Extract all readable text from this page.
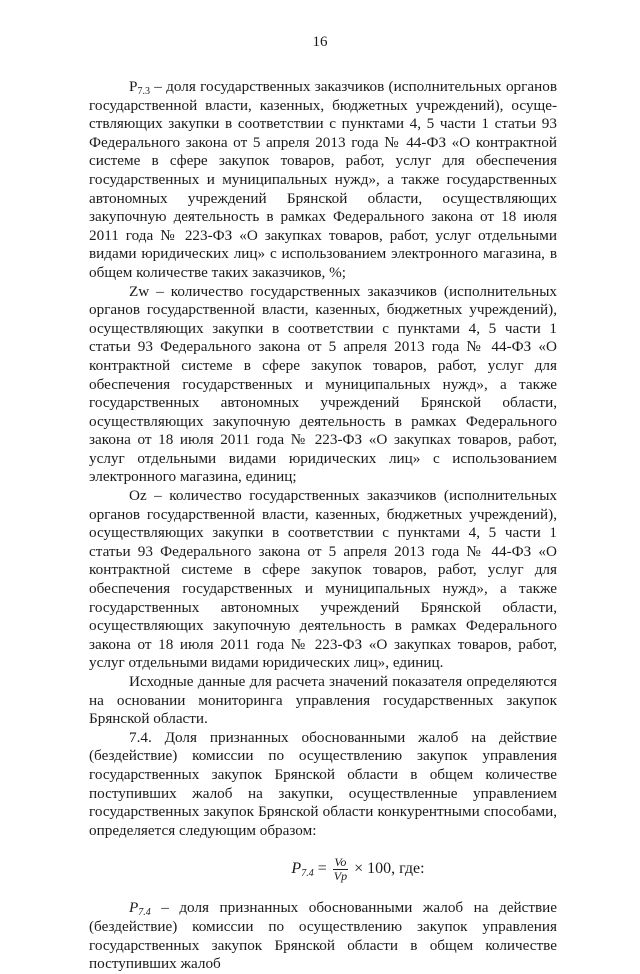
16

$P_{7.3}$ – доля государственных заказчиков (исполнительных органов государственной власти, казенных, бюджетных учреждений), осуществляющих закупки в соответствии с пунктами 4, 5 части 1 статьи 93 Федерального закона от 5 апреля 2013 года № 44-ФЗ «О контрактной системе в сфере закупок товаров, работ, услуг для обеспечения государственных и муниципальных нужд», а также государственных автономных учреждений Брянской области, осуществляющих закупочную деятельность в рамках Федерального закона от 18 июля 2011 года № 223-ФЗ «О закупках товаров, работ, услуг отдельными видами юридических лиц» с использованием электронного магазина, в общем количестве таких заказчиков, %;

Zw – количество государственных заказчиков (исполнительных органов государственной власти, казенных, бюджетных учреждений), осуществляющих закупки в соответствии с пунктами 4, 5 части 1 статьи 93 Федерального закона от 5 апреля 2013 года № 44-ФЗ «О контрактной системе в сфере закупок товаров, работ, услуг для обеспечения государственных и муниципальных нужд», а также государственных автономных учреждений Брянской области, осуществляющих закупочную деятельность в рамках Федерального закона от 18 июля 2011 года № 223-ФЗ «О закупках товаров, работ, услуг отдельными видами юридических лиц» с использованием электронного магазина, единиц;

Oz – количество государственных заказчиков (исполнительных органов государственной власти, казенных, бюджетных учреждений), осуществляющих закупки в соответствии с пунктами 4, 5 части 1 статьи 93 Федерального закона от 5 апреля 2013 года № 44-ФЗ «О контрактной системе в сфере закупок товаров, работ, услуг для обеспечения государственных и муниципальных нужд», а также государственных автономных учреждений Брянской области, осуществляющих закупочную деятельность в рамках Федерального закона от 18 июля 2011 года № 223-ФЗ «О закупках товаров, работ, услуг отдельными видами юридических лиц», единиц.

Исходные данные для расчета значений показателя определяются на основании мониторинга управления государственных закупок Брянской области.

7.4. Доля признанных обоснованными жалоб на действие (бездействие) комиссии по осуществлению закупок управления государственных закупок Брянской области в общем количестве поступивших жалоб на закупки, осуществленные управлением государственных закупок Брянской области конкурентными способами, определяется следующим образом:

$P_{7.4} = \frac{Vo}{Vp} \times 100$, где:

$P_{7.4}$ – доля признанных обоснованными жалоб на действие (бездействие) комиссии по осуществлению закупок управления государственных закупок Брянской области в общем количестве поступивших жалоб
